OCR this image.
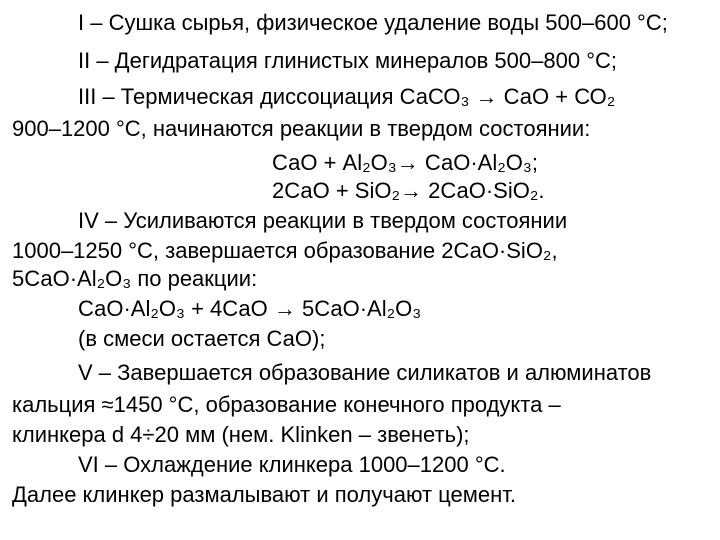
I – Сушка сырья, физическое удаление воды 500–600 °С;
II – Дегидратация глинистых минералов 500–800 °С;
III – Термическая диссоциация СаСО₃ → СаО + СО₂
900–1200 °С, начинаются реакции в твердом состоянии:
СаО + Al₂O₃→ СаО·Al₂O₃;
2СаО + SiO₂→ 2СаО·SiO₂.
IV – Усиливаются реакции в твердом состоянии
1000–1250 °С, завершается образование 2СаО·SiO₂,
5СаО·Al₂O₃ по реакции:
СаО·Al₂O₃ + 4СаО → 5СаО·Al₂O₃
(в смеси остается СаО);
V – Завершается образование силикатов и алюминатов
кальция ≈1450 °С, образование конечного продукта –
клинкера d 4÷20 мм (нем. Klinken – звенеть);
VI – Охлаждение клинкера 1000–1200 °С.
Далее клинкер размалывают и получают цемент.
